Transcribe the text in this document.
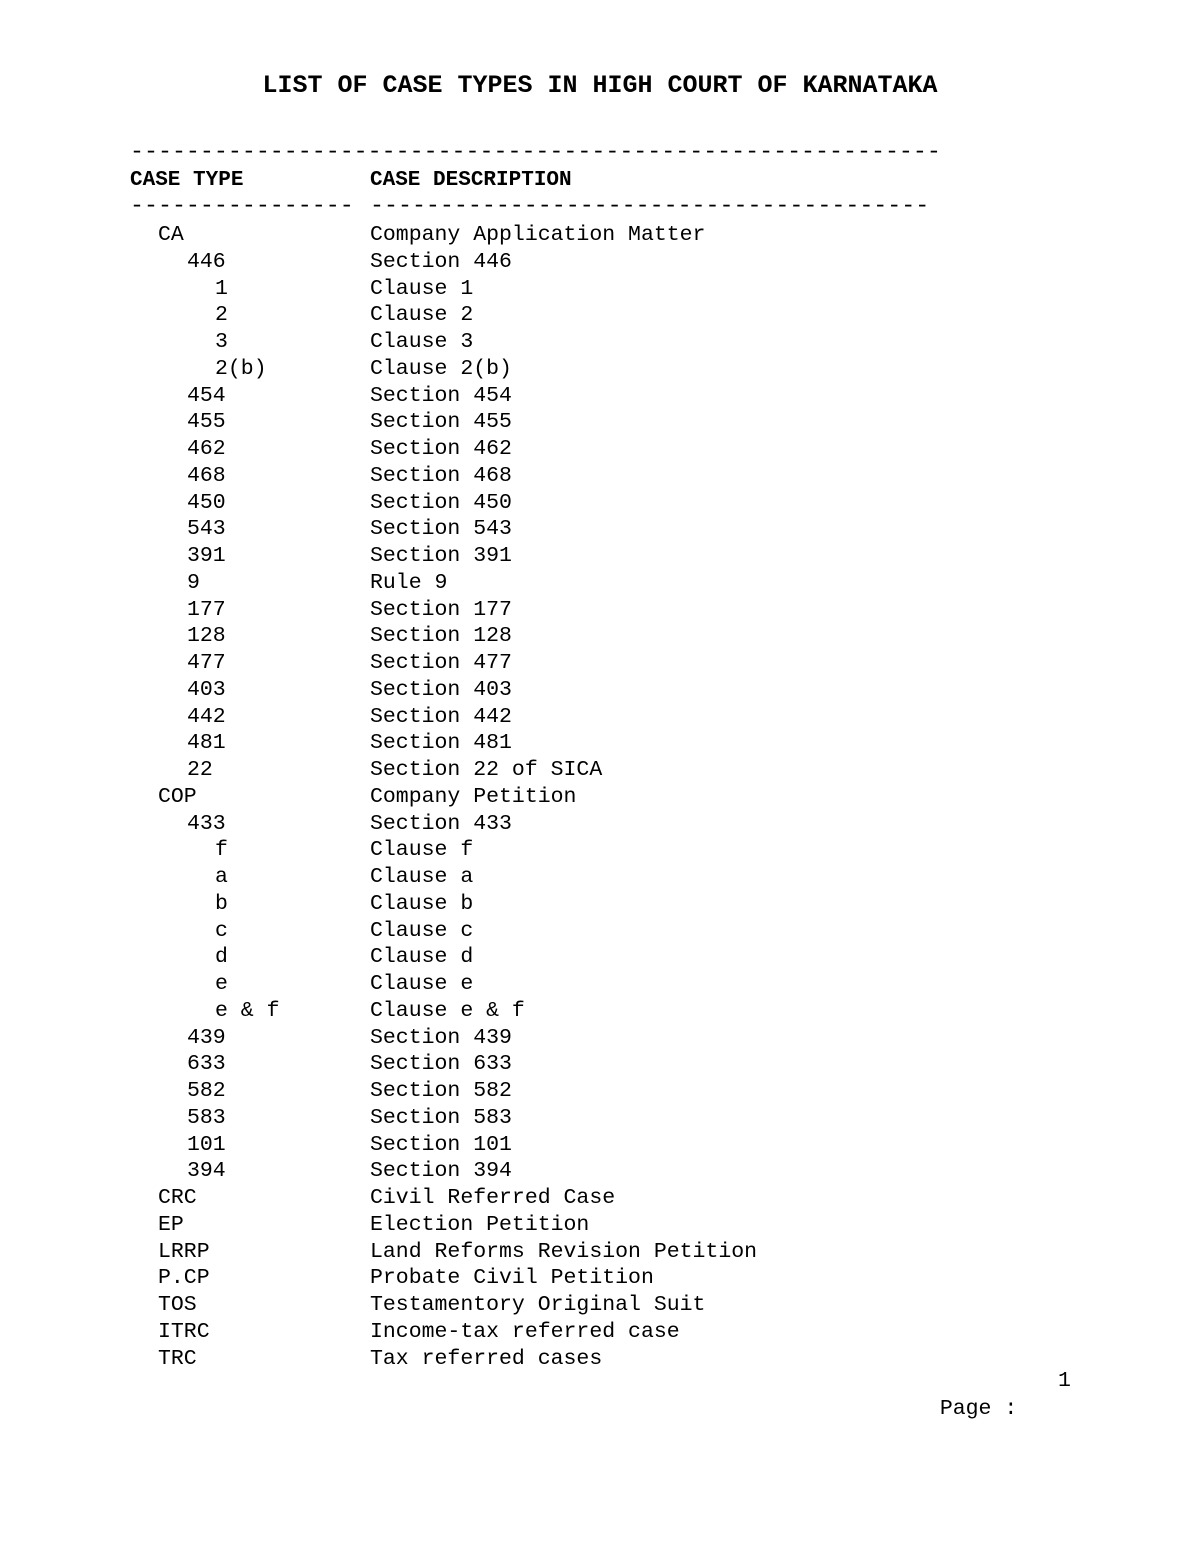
LIST OF CASE TYPES IN HIGH COURT OF KARNATAKA
----------------------------------------------------------
CASE TYPE	CASE DESCRIPTION
---------------- ----------------------------------------
CA	Company Application Matter
446	Section 446
1	Clause 1
2	Clause 2
3	Clause 3
2(b)	Clause 2(b)
454	Section 454
455	Section 455
462	Section 462
468	Section 468
450	Section 450
543	Section 543
391	Section 391
9	Rule 9
177	Section 177
128	Section 128
477	Section 477
403	Section 403
442	Section 442
481	Section 481
22	Section 22 of SICA
COP	Company Petition
433	Section 433
f	Clause f
a	Clause a
b	Clause b
c	Clause c
d	Clause d
e	Clause e
e & f	Clause e & f
439	Section 439
633	Section 633
582	Section 582
583	Section 583
101	Section 101
394	Section 394
CRC	Civil Referred Case
EP	Election Petition
LRRP	Land Reforms Revision Petition
P.CP	Probate Civil Petition
TOS	Testamentory Original Suit
ITRC	Income-tax referred case
TRC	Tax referred cases

Page :

1
